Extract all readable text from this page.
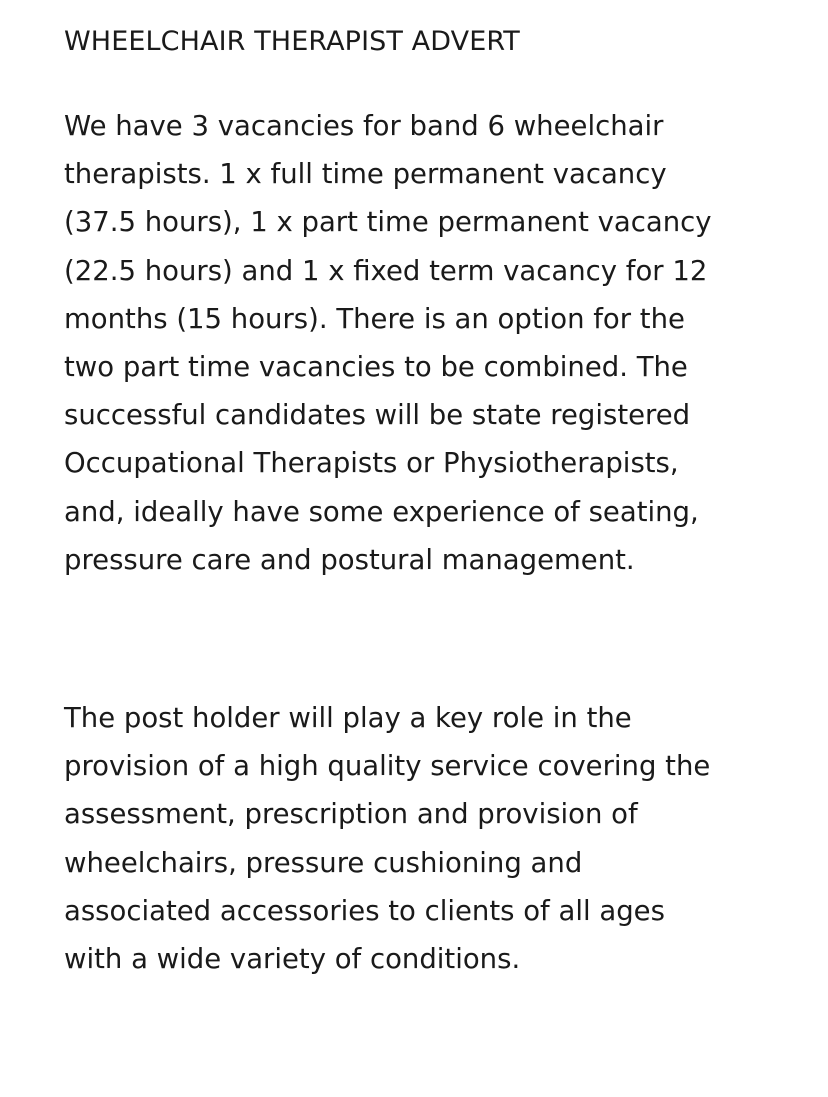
WHEELCHAIR THERAPIST ADVERT

We have 3 vacancies for band 6 wheelchair
therapists. 1 x full time permanent vacancy
(37.5 hours), 1 x part time permanent vacancy
(22.5 hours) and 1 x fixed term vacancy for 12
months (15 hours). There is an option for the
two part time vacancies to be combined. The
successful candidates will be state registered
Occupational Therapists or Physiotherapists,
and, ideally have some experience of seating,
pressure care and postural management.

The post holder will play a key role in the
provision of a high quality service covering the
assessment, prescription and provision of
wheelchairs, pressure cushioning and
associated accessories to clients of all ages
with a wide variety of conditions.
